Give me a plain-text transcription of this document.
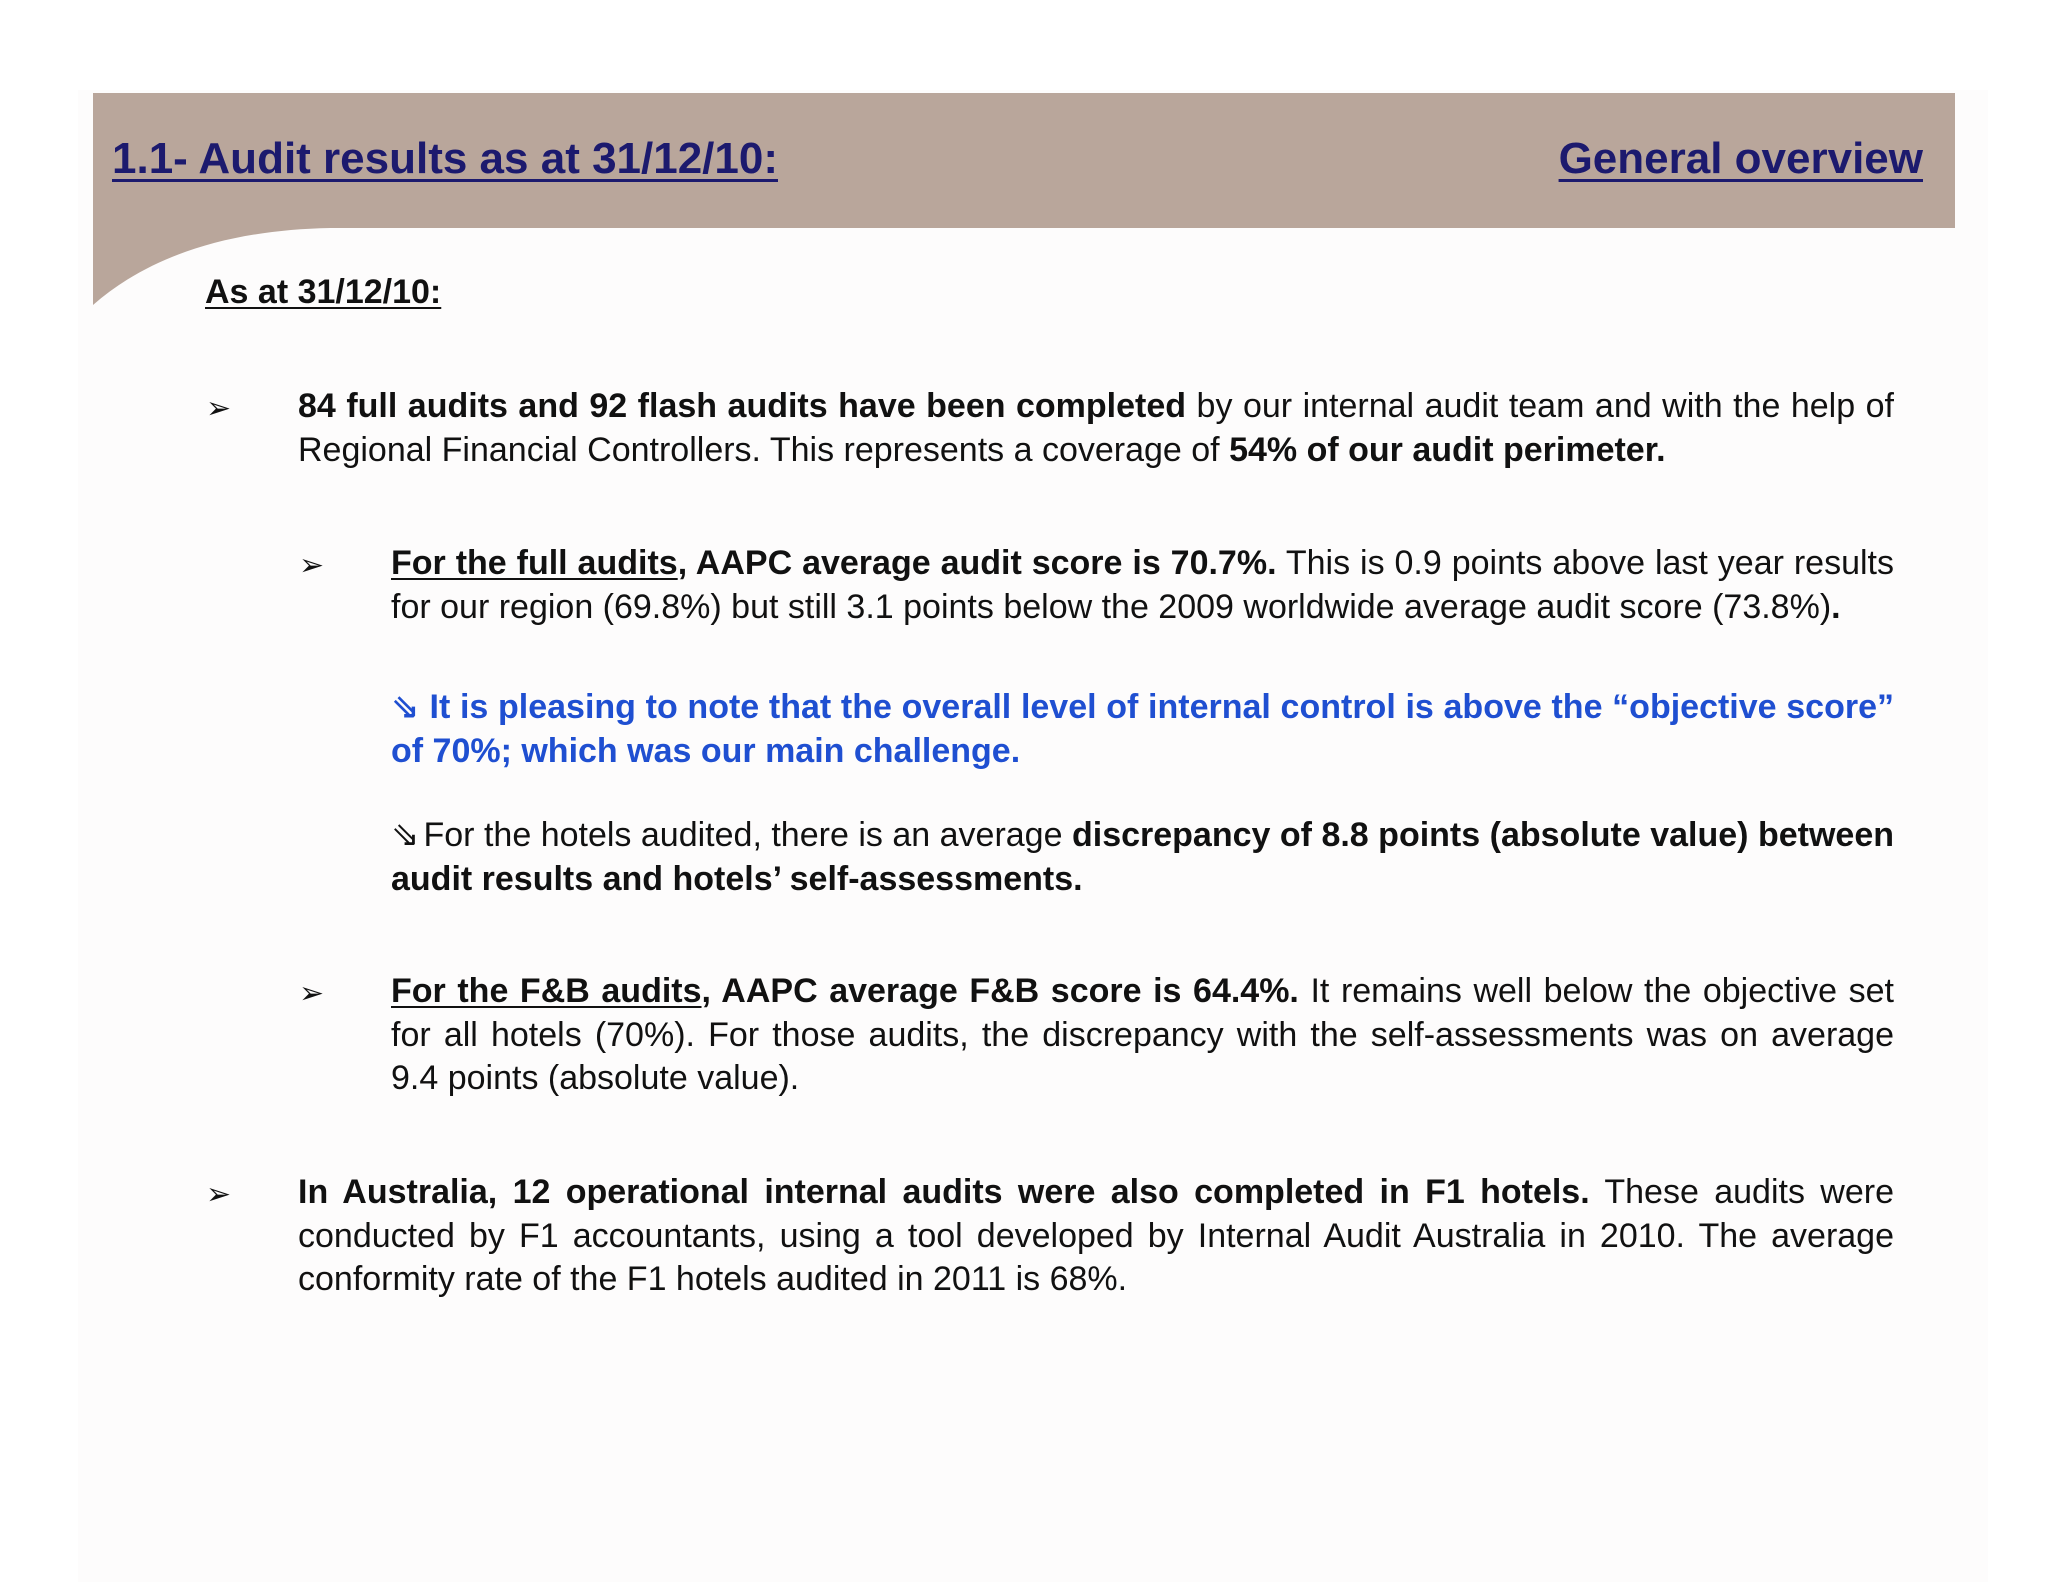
1.1- Audit results as at 31/12/10:	General overview
As at 31/12/10:
➢ 84 full audits and 92 flash audits have been completed by our internal audit team and with the help of Regional Financial Controllers. This represents a coverage of 54% of our audit perimeter.

➢ For the full audits, AAPC average audit score is 70.7%. This is 0.9 points above last year results for our region (69.8%) but still 3.1 points below the 2009 worldwide average audit score (73.8%).

⇘ It is pleasing to note that the overall level of internal control is above the “objective score” of 70%; which was our main challenge.

⇘ For the hotels audited, there is an average discrepancy of 8.8 points (absolute value) between audit results and hotels’ self-assessments.

➢ For the F&B audits, AAPC average F&B score is 64.4%. It remains well below the objective set for all hotels (70%). For those audits, the discrepancy with the self-assessments was on average 9.4 points (absolute value).

➢ In Australia, 12 operational internal audits were also completed in F1 hotels. These audits were conducted by F1 accountants, using a tool developed by Internal Audit Australia in 2010. The average conformity rate of the F1 hotels audited in 2011 is 68%.
